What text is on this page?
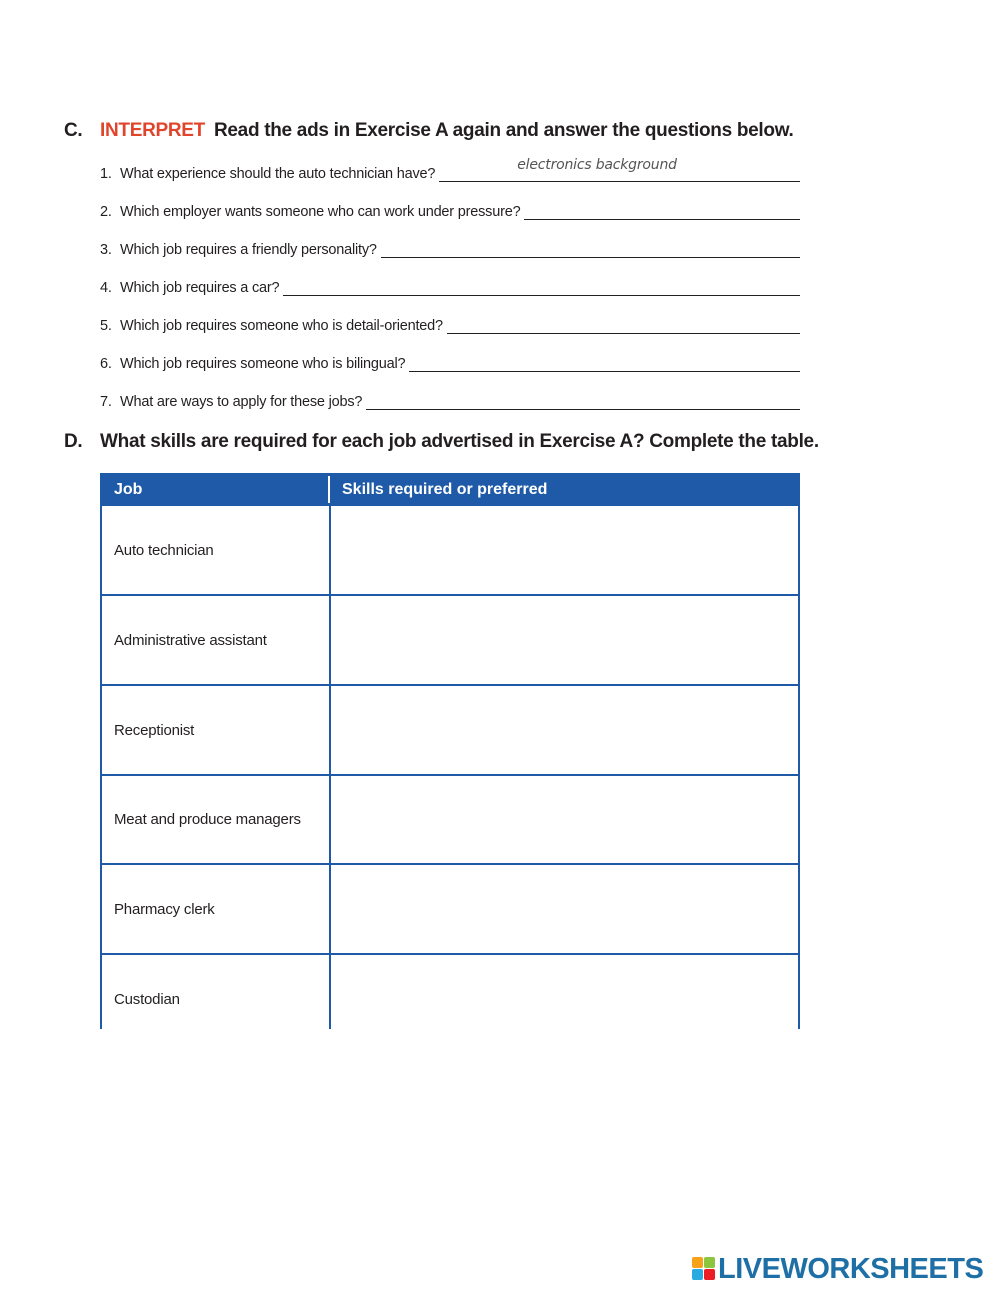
C. INTERPRET Read the ads in Exercise A again and answer the questions below.
1. What experience should the auto technician have?
electronics background
2. Which employer wants someone who can work under pressure?
3. Which job requires a friendly personality?
4. Which job requires a car?
5. Which job requires someone who is detail-oriented?
6. Which job requires someone who is bilingual?
7. What are ways to apply for these jobs?
D. What skills are required for each job advertised in Exercise A? Complete the table.
Job	Skills required or preferred
Auto technician
Administrative assistant
Receptionist
Meat and produce managers
Pharmacy clerk
Custodian
LIVEWORKSHEETS
